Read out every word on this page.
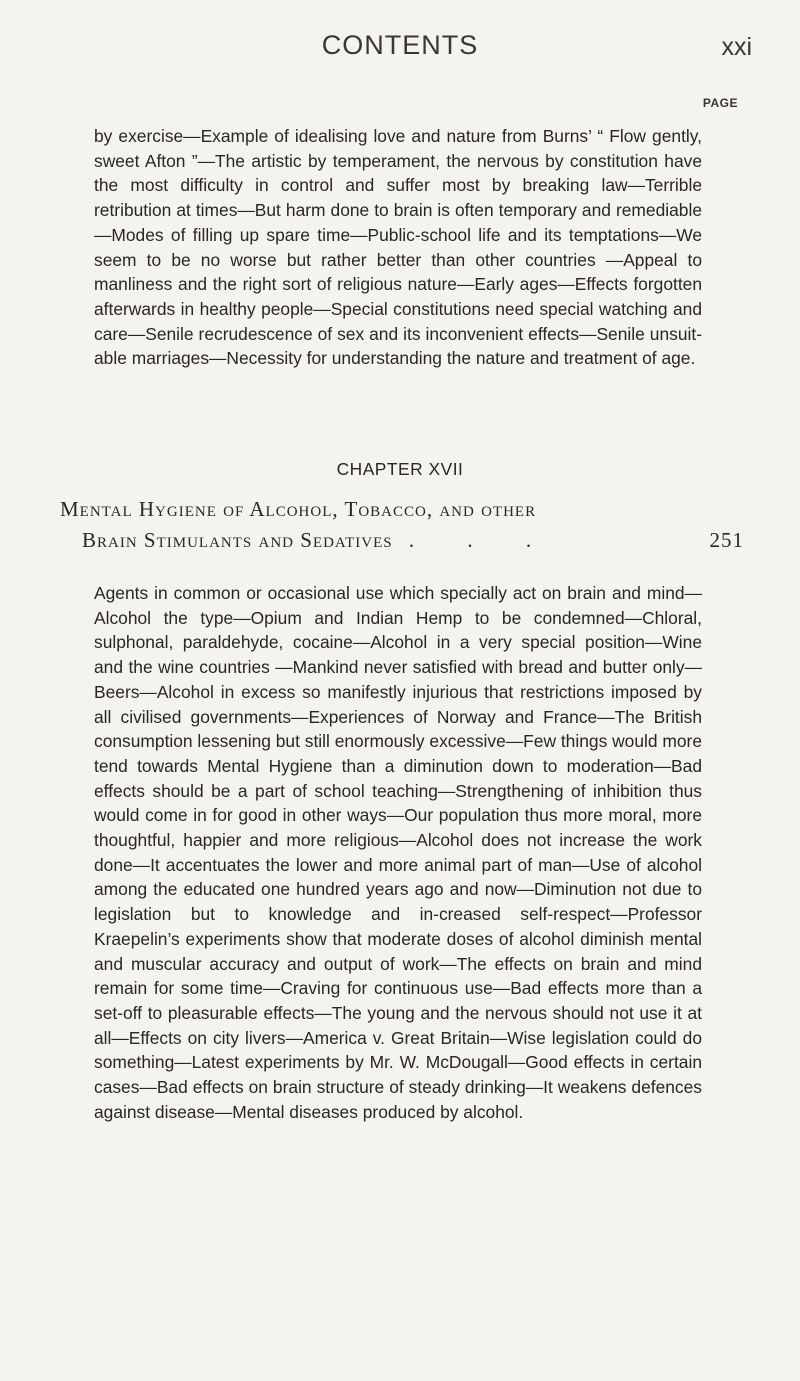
CONTENTS	xxi
PAGE

by exercise—Example of idealising love and nature from Burns’ “ Flow gently, sweet Afton ”—The artistic by temperament, the nervous by constitution have the most difficulty in control and suffer most by breaking law—Terrible retribution at times—But harm done to brain is often temporary and remediable—Modes of filling up spare time—Public-school life and its temptations—We seem to be no worse but rather better than other countries —Appeal to manliness and the right sort of religious nature—Early ages—Effects forgotten afterwards in healthy people—Special constitutions need special watching and care—Senile recrudescence of sex and its inconvenient effects—Senile unsuit-able marriages—Necessity for understanding the nature and treatment of age.

CHAPTER XVII

Mental Hygiene of Alcohol, Tobacco, and other
Brain Stimulants and Sedatives . . .	251

Agents in common or occasional use which specially act on brain and mind—Alcohol the type—Opium and Indian Hemp to be condemned—Chloral, sulphonal, paraldehyde, cocaine—Alcohol in a very special position—Wine and the wine countries —Mankind never satisfied with bread and butter only—Beers—Alcohol in excess so manifestly injurious that restrictions imposed by all civilised governments—Experiences of Norway and France—The British consumption lessening but still enormously excessive—Few things would more tend towards Mental Hygiene than a diminution down to moderation—Bad effects should be a part of school teaching—Strengthening of inhibition thus would come in for good in other ways—Our population thus more moral, more thoughtful, happier and more religious—Alcohol does not increase the work done—It accentuates the lower and more animal part of man—Use of alcohol among the educated one hundred years ago and now—Diminution not due to legislation but to knowledge and in-creased self-respect—Professor Kraepelin’s experiments show that moderate doses of alcohol diminish mental and muscular accuracy and output of work—The effects on brain and mind remain for some time—Craving for continuous use—Bad effects more than a set-off to pleasurable effects—The young and the nervous should not use it at all—Effects on city livers—America v. Great Britain—Wise legislation could do something—Latest experiments by Mr. W. McDougall—Good effects in certain cases—Bad effects on brain structure of steady drinking—It weakens defences against disease—Mental diseases produced by alcohol.
